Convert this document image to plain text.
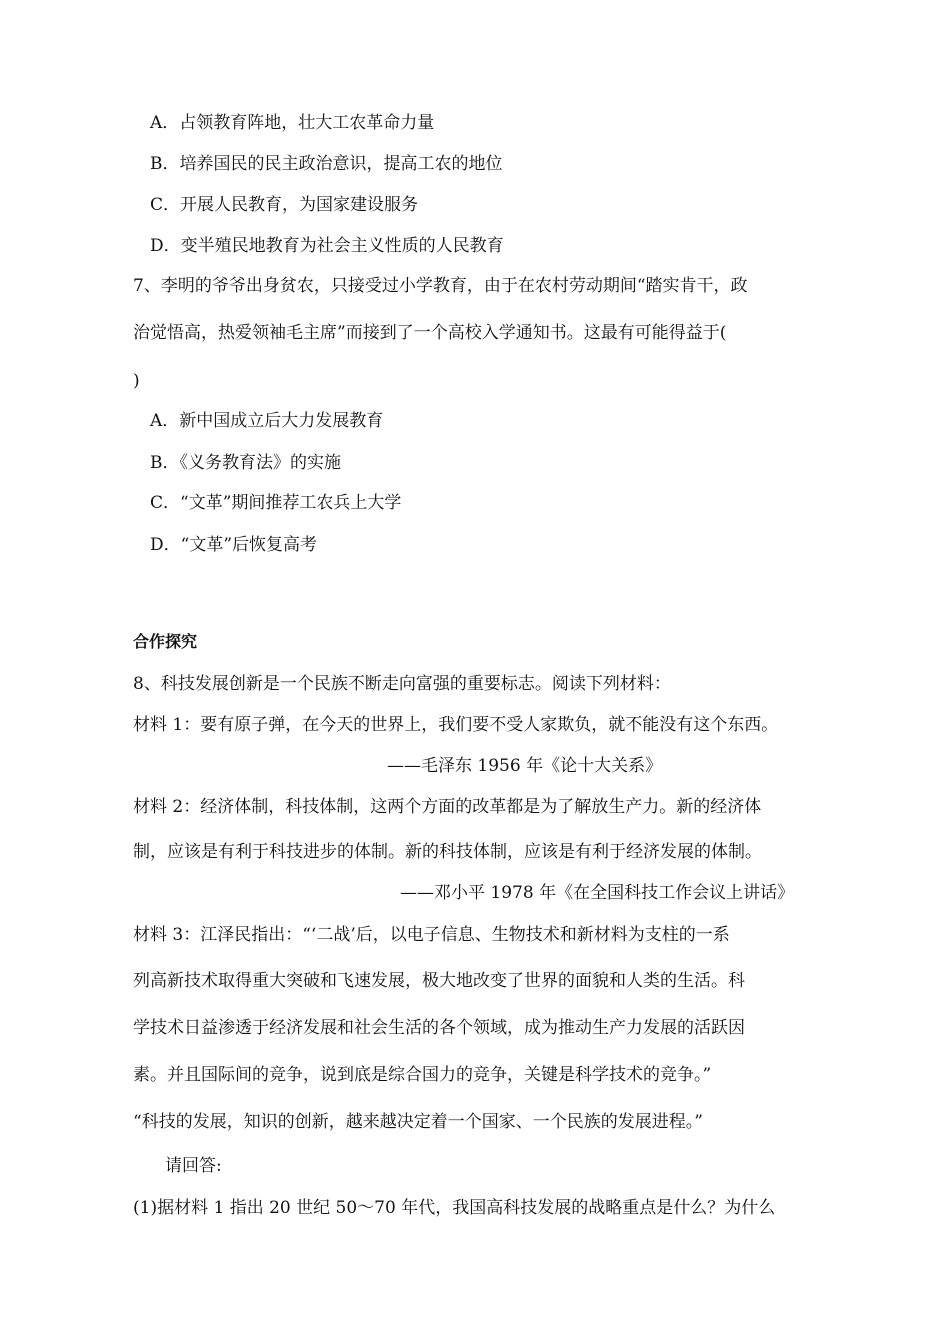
A．占领教育阵地，壮大工农革命力量
B．培养国民的民主政治意识，提高工农的地位
C．开展人民教育，为国家建设服务
D．变半殖民地教育为社会主义性质的人民教育
7、李明的爷爷出身贫农，只接受过小学教育，由于在农村劳动期间“踏实肯干，政
治觉悟高，热爱领袖毛主席”而接到了一个高校入学通知书。这最有可能得益于(
)
A．新中国成立后大力发展教育
B．《义务教育法》的实施
C．“文革”期间推荐工农兵上大学
D．“文革”后恢复高考
合作探究
8、科技发展创新是一个民族不断走向富强的重要标志。阅读下列材料：
材料 1：要有原子弹，在今天的世界上，我们要不受人家欺负，就不能没有这个东西。
——毛泽东 1956 年《论十大关系》
材料 2：经济体制，科技体制，这两个方面的改革都是为了解放生产力。新的经济体
制，应该是有利于科技进步的体制。新的科技体制，应该是有利于经济发展的体制。
——邓小平 1978 年《在全国科技工作会议上讲话》
材料 3：江泽民指出：“‘二战’后，以电子信息、生物技术和新材料为支柱的一系
列高新技术取得重大突破和飞速发展，极大地改变了世界的面貌和人类的生活。科
学技术日益渗透于经济发展和社会生活的各个领域，成为推动生产力发展的活跃因
素。并且国际间的竞争，说到底是综合国力的竞争，关键是科学技术的竞争。”
“科技的发展，知识的创新，越来越决定着一个国家、一个民族的发展进程。”
请回答:
(1)据材料 1 指出 20 世纪 50～70 年代，我国高科技发展的战略重点是什么？为什么
